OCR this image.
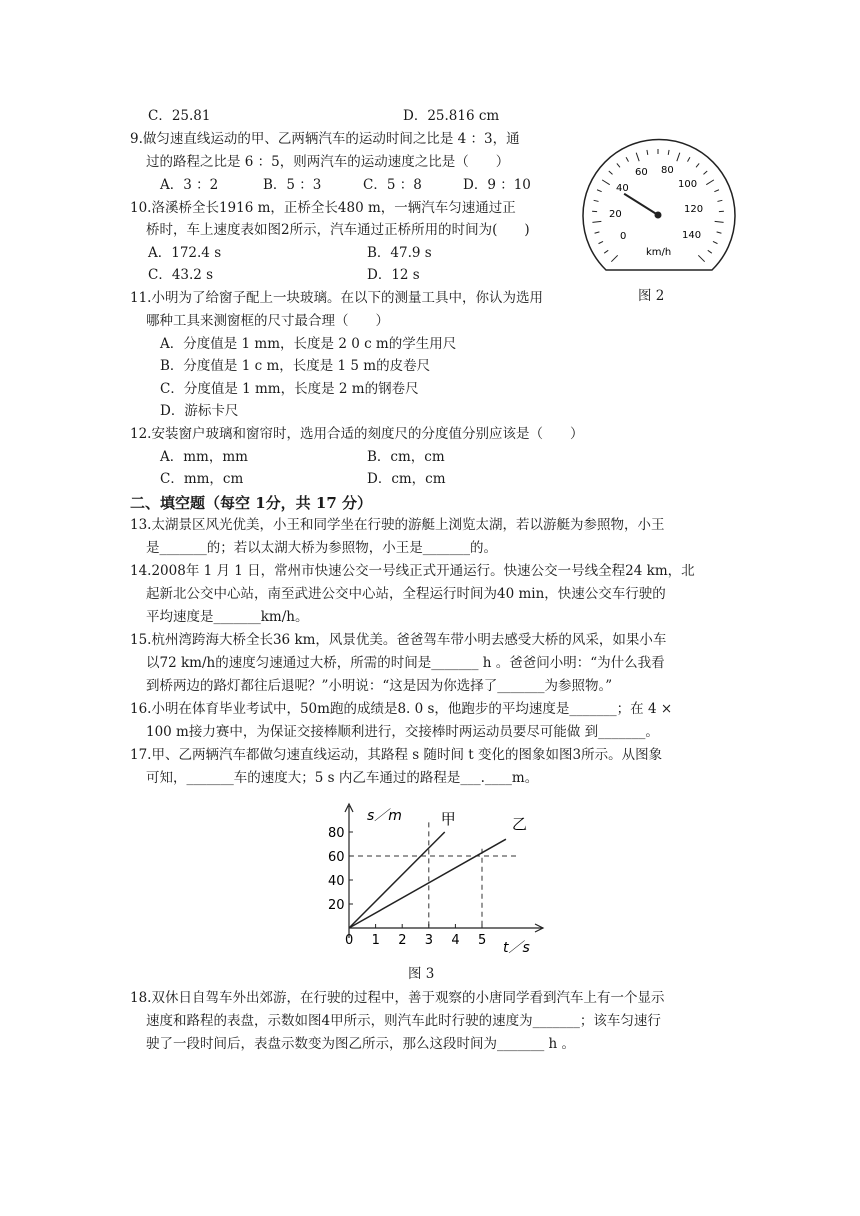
C．25.81	D．25.816 cm
9.做匀速直线运动的甲、乙两辆汽车的运动时间之比是 4 ：3，通
过的路程之比是 6 ：5，则两汽车的运动速度之比是（　　）
A．3 ：2	B．5 ：3	C．5 ：8	D．9 ：10
10.洛溪桥全长1916 m，正桥全长480 m，一辆汽车匀速通过正
桥时，车上速度表如图2所示，汽车通过正桥所用的时间为(　　)
A．172.4 s	B．47.9 s
C．43.2 s	D．12 s
0
20
40
60 80
100
120
140
km/h
图 2
11.小明为了给窗子配上一块玻璃。在以下的测量工具中，你认为选用
哪种工具来测窗框的尺寸最合理（　　）
A．分度值是 1 mm，长度是 2 0 c m的学生用尺
B．分度值是 1 c m，长度是 1 5 m的皮卷尺
C．分度值是 1 mm，长度是 2 m的钢卷尺
D．游标卡尺
12.安装窗户玻璃和窗帘时，选用合适的刻度尺的分度值分别应该是（　　）
A．mm，mm	B．cm，cm
C．mm，cm	D．cm，cm
二、填空题（每空 1分，共 17 分）
13.太湖景区风光优美，小王和同学坐在行驶的游艇上浏览太湖，若以游艇为参照物，小王
是_______的；若以太湖大桥为参照物，小王是_______的。
14.2008年 1 月 1 日，常州市快速公交一号线正式开通运行。快速公交一号线全程24 km，北
起新北公交中心站，南至武进公交中心站，全程运行时间为40 min，快速公交车行驶的
平均速度是_______km/h。
15.杭州湾跨海大桥全长36 km，风景优美。爸爸驾车带小明去感受大桥的风采，如果小车
以72 km/h的速度匀速通过大桥，所需的时间是_______ h 。爸爸问小明：“为什么我看
到桥两边的路灯都往后退呢？”小明说：“这是因为你选择了_______为参照物。”
16.小明在体育毕业考试中，50m跑的成绩是8. 0 s，他跑步的平均速度是_______；在 4 ×
100 m接力赛中，为保证交接棒顺利进行，交接棒时两运动员要尽可能做 到_______。
17.甲、乙两辆汽车都做匀速直线运动，其路程 s 随时间 t 变化的图象如图3所示。从图象
可知，_______车的速度大；5 s 内乙车通过的路程是___.____m。
0 1 2 3 4 5
20
40
60
80
甲	乙
s／m
t／s
图 3
18.双休日自驾车外出郊游，在行驶的过程中，善于观察的小唐同学看到汽车上有一个显示
速度和路程的表盘，示数如图4甲所示，则汽车此时行驶的速度为_______；该车匀速行
驶了一段时间后，表盘示数变为图乙所示，那么这段时间为_______ h 。
